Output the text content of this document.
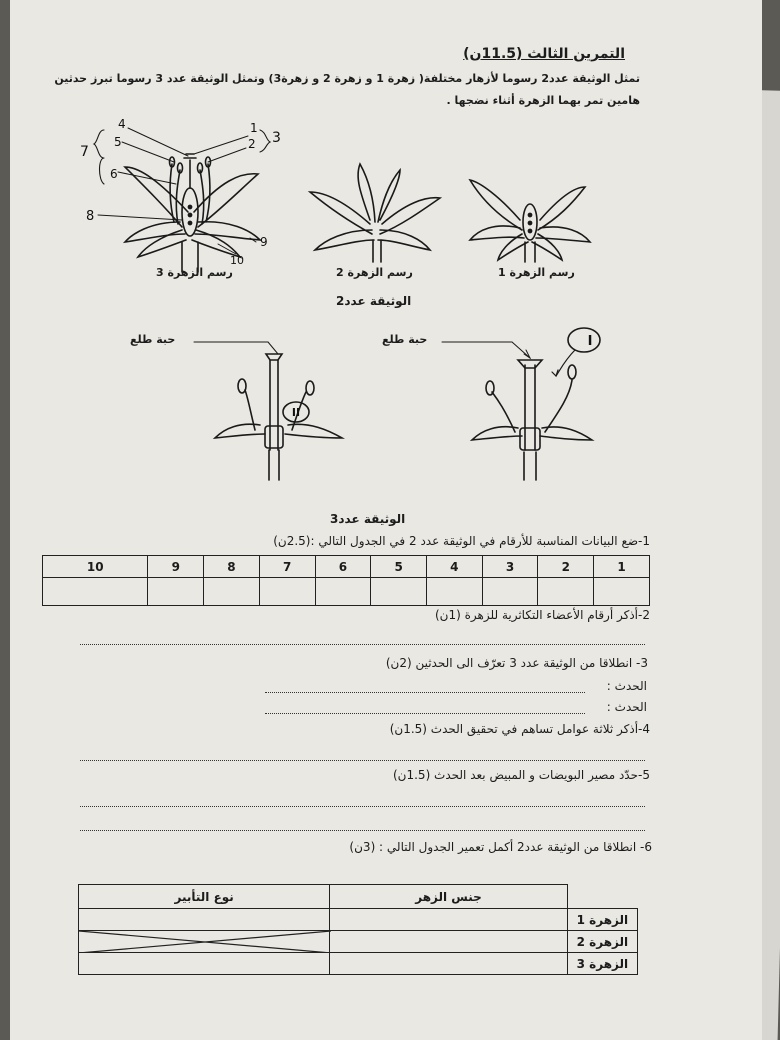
التمرين الثالث (11.5ن)
تمثل الوثيقة عدد2 رسوما لأزهار مختلفة( زهرة 1 و زهرة 2 و زهرة3) وتمثل الوثيقة عدد 3 رسوما تبرز حدثين
هامين تمر بهما الزهرة أثناء نضجها .
4
5
6
7
8
1
2 3
9
10
رسم الزهرة 3	رسم الزهرة 2	رسم الزهرة 1
الوثيقة عدد2
I
II
حبة طلع	حبة طلع
الوثيقة عدد3
1-ضع البيانات المناسبة للأرقام في الوثيقة عدد 2 في الجدول التالي :(2.5ن)
10	9	8	7	6	5	4	3	2	1

2-أذكر أرقام الأعضاء التكاثرية للزهرة (1ن)
3- انطلاقا من الوثيقة عدد 3 تعرّف الى الحدثين (2ن)
الحدث :
الحدث :
4-أذكر ثلاثة عوامل تساهم في تحقيق الحدث (1.5ن)
5-حدّد مصير البويضات و المبيض بعد الحدث (1.5ن)
6- انطلاقا من الوثيقة عدد2 أكمل تعمير الجدول التالي : (3ن)
نوع التأبير	جنس الزهر	
		الزهرة 1

		الزهرة 2
		الزهرة 3
